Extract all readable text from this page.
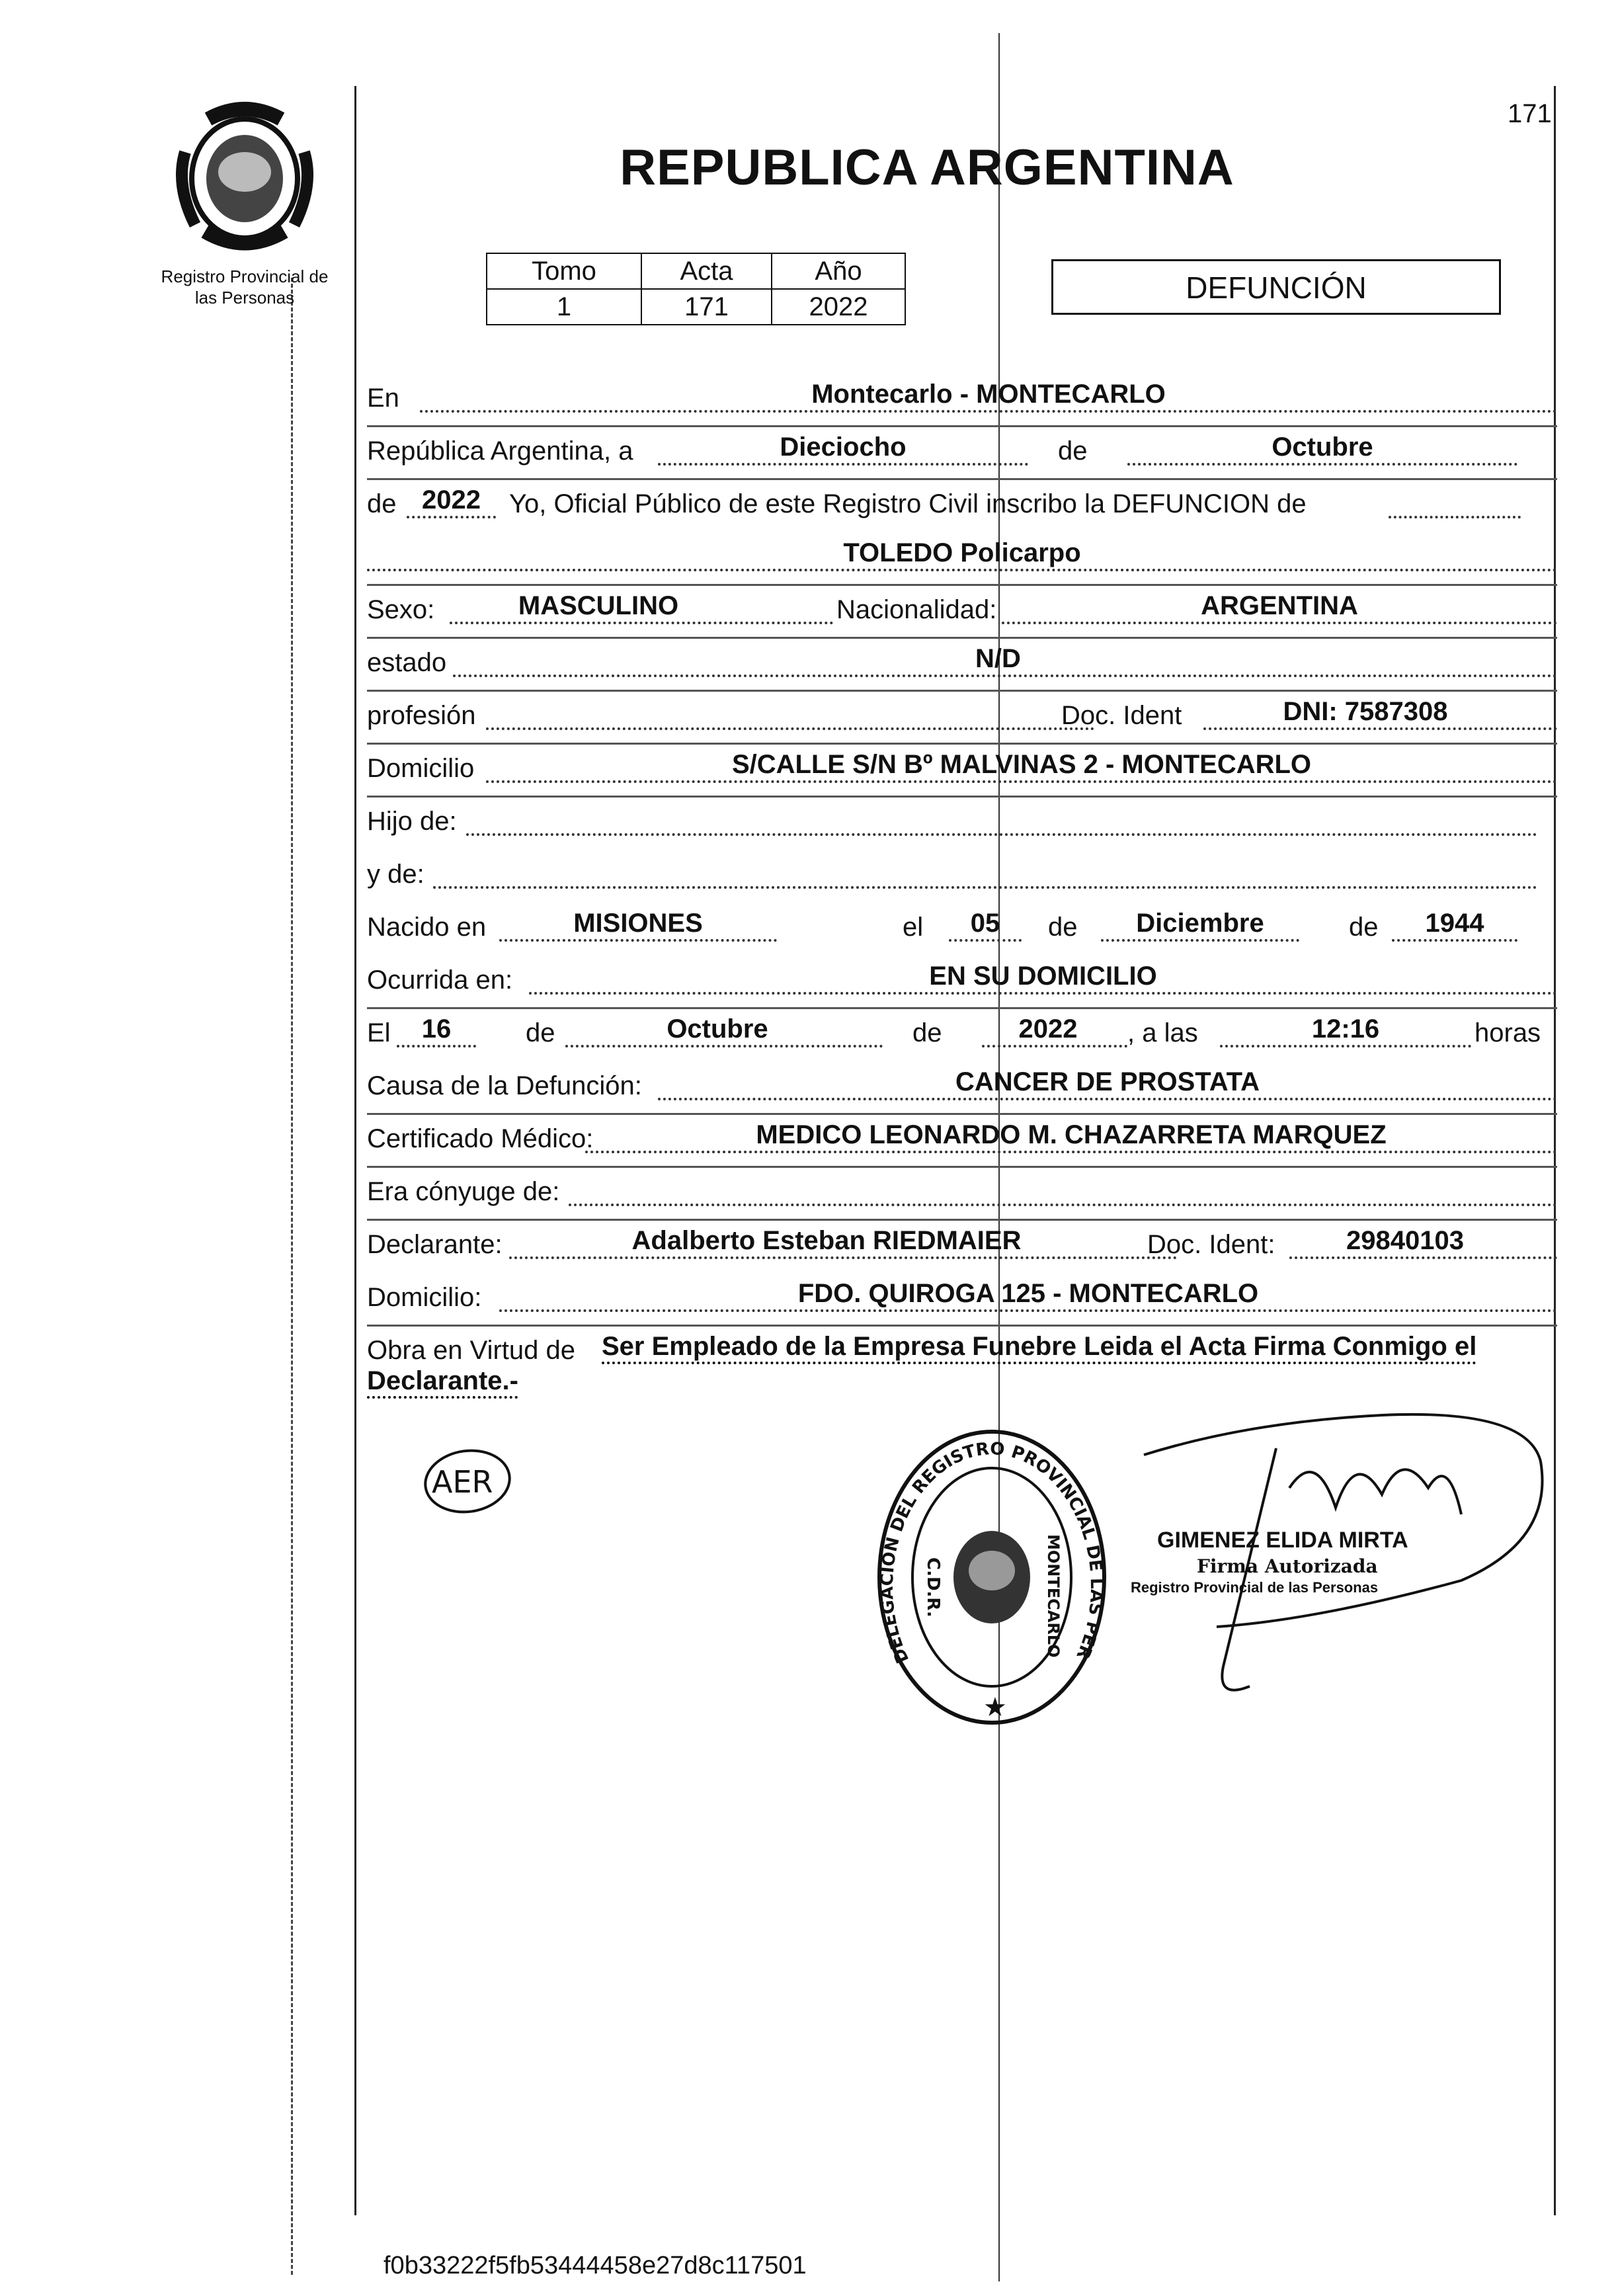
171
Registro Provincial de
las Personas
REPUBLICA ARGENTINA
Tomo	Acta	Año
1	171	2022
DEFUNCIÓN
En	Montecarlo - MONTECARLO
República Argentina, a	Dieciocho	de	Octubre
de 2022	Yo, Oficial Público de este Registro Civil inscribo la DEFUNCION de
TOLEDO Policarpo
Sexo:	MASCULINO	Nacionalidad:	ARGENTINA
estado	N/D
profesión	Doc. Ident	DNI: 7587308
Domicilio	S/CALLE S/N Bº MALVINAS 2 - MONTECARLO
Hijo de:
y de:
Nacido en	MISIONES	el	05	de	Diciembre	de	1944
Ocurrida en:	EN SU DOMICILIO
El	16	de	Octubre	de	2022	, a las	12:16	horas
Causa de la Defunción:	CANCER DE PROSTATA
Certificado Médico:	MEDICO LEONARDO M. CHAZARRETA MARQUEZ
Era cónyuge de:
Declarante:	Adalberto Esteban RIEDMAIER	Doc. Ident:	29840103
Domicilio:	FDO. QUIROGA 125 - MONTECARLO
Obra en Virtud de Ser Empleado de la Empresa Funebre Leida el Acta Firma Conmigo el
Declarante.-
AER
DELEGACION DEL REGISTRO PROVINCIAL DE LAS PER
C.D.R.	MONTECARLO
★
GIMENEZ ELIDA MIRTA
Firma Autorizada
Registro Provincial de las Personas
f0b33222f5fb53444458e27d8c117501
